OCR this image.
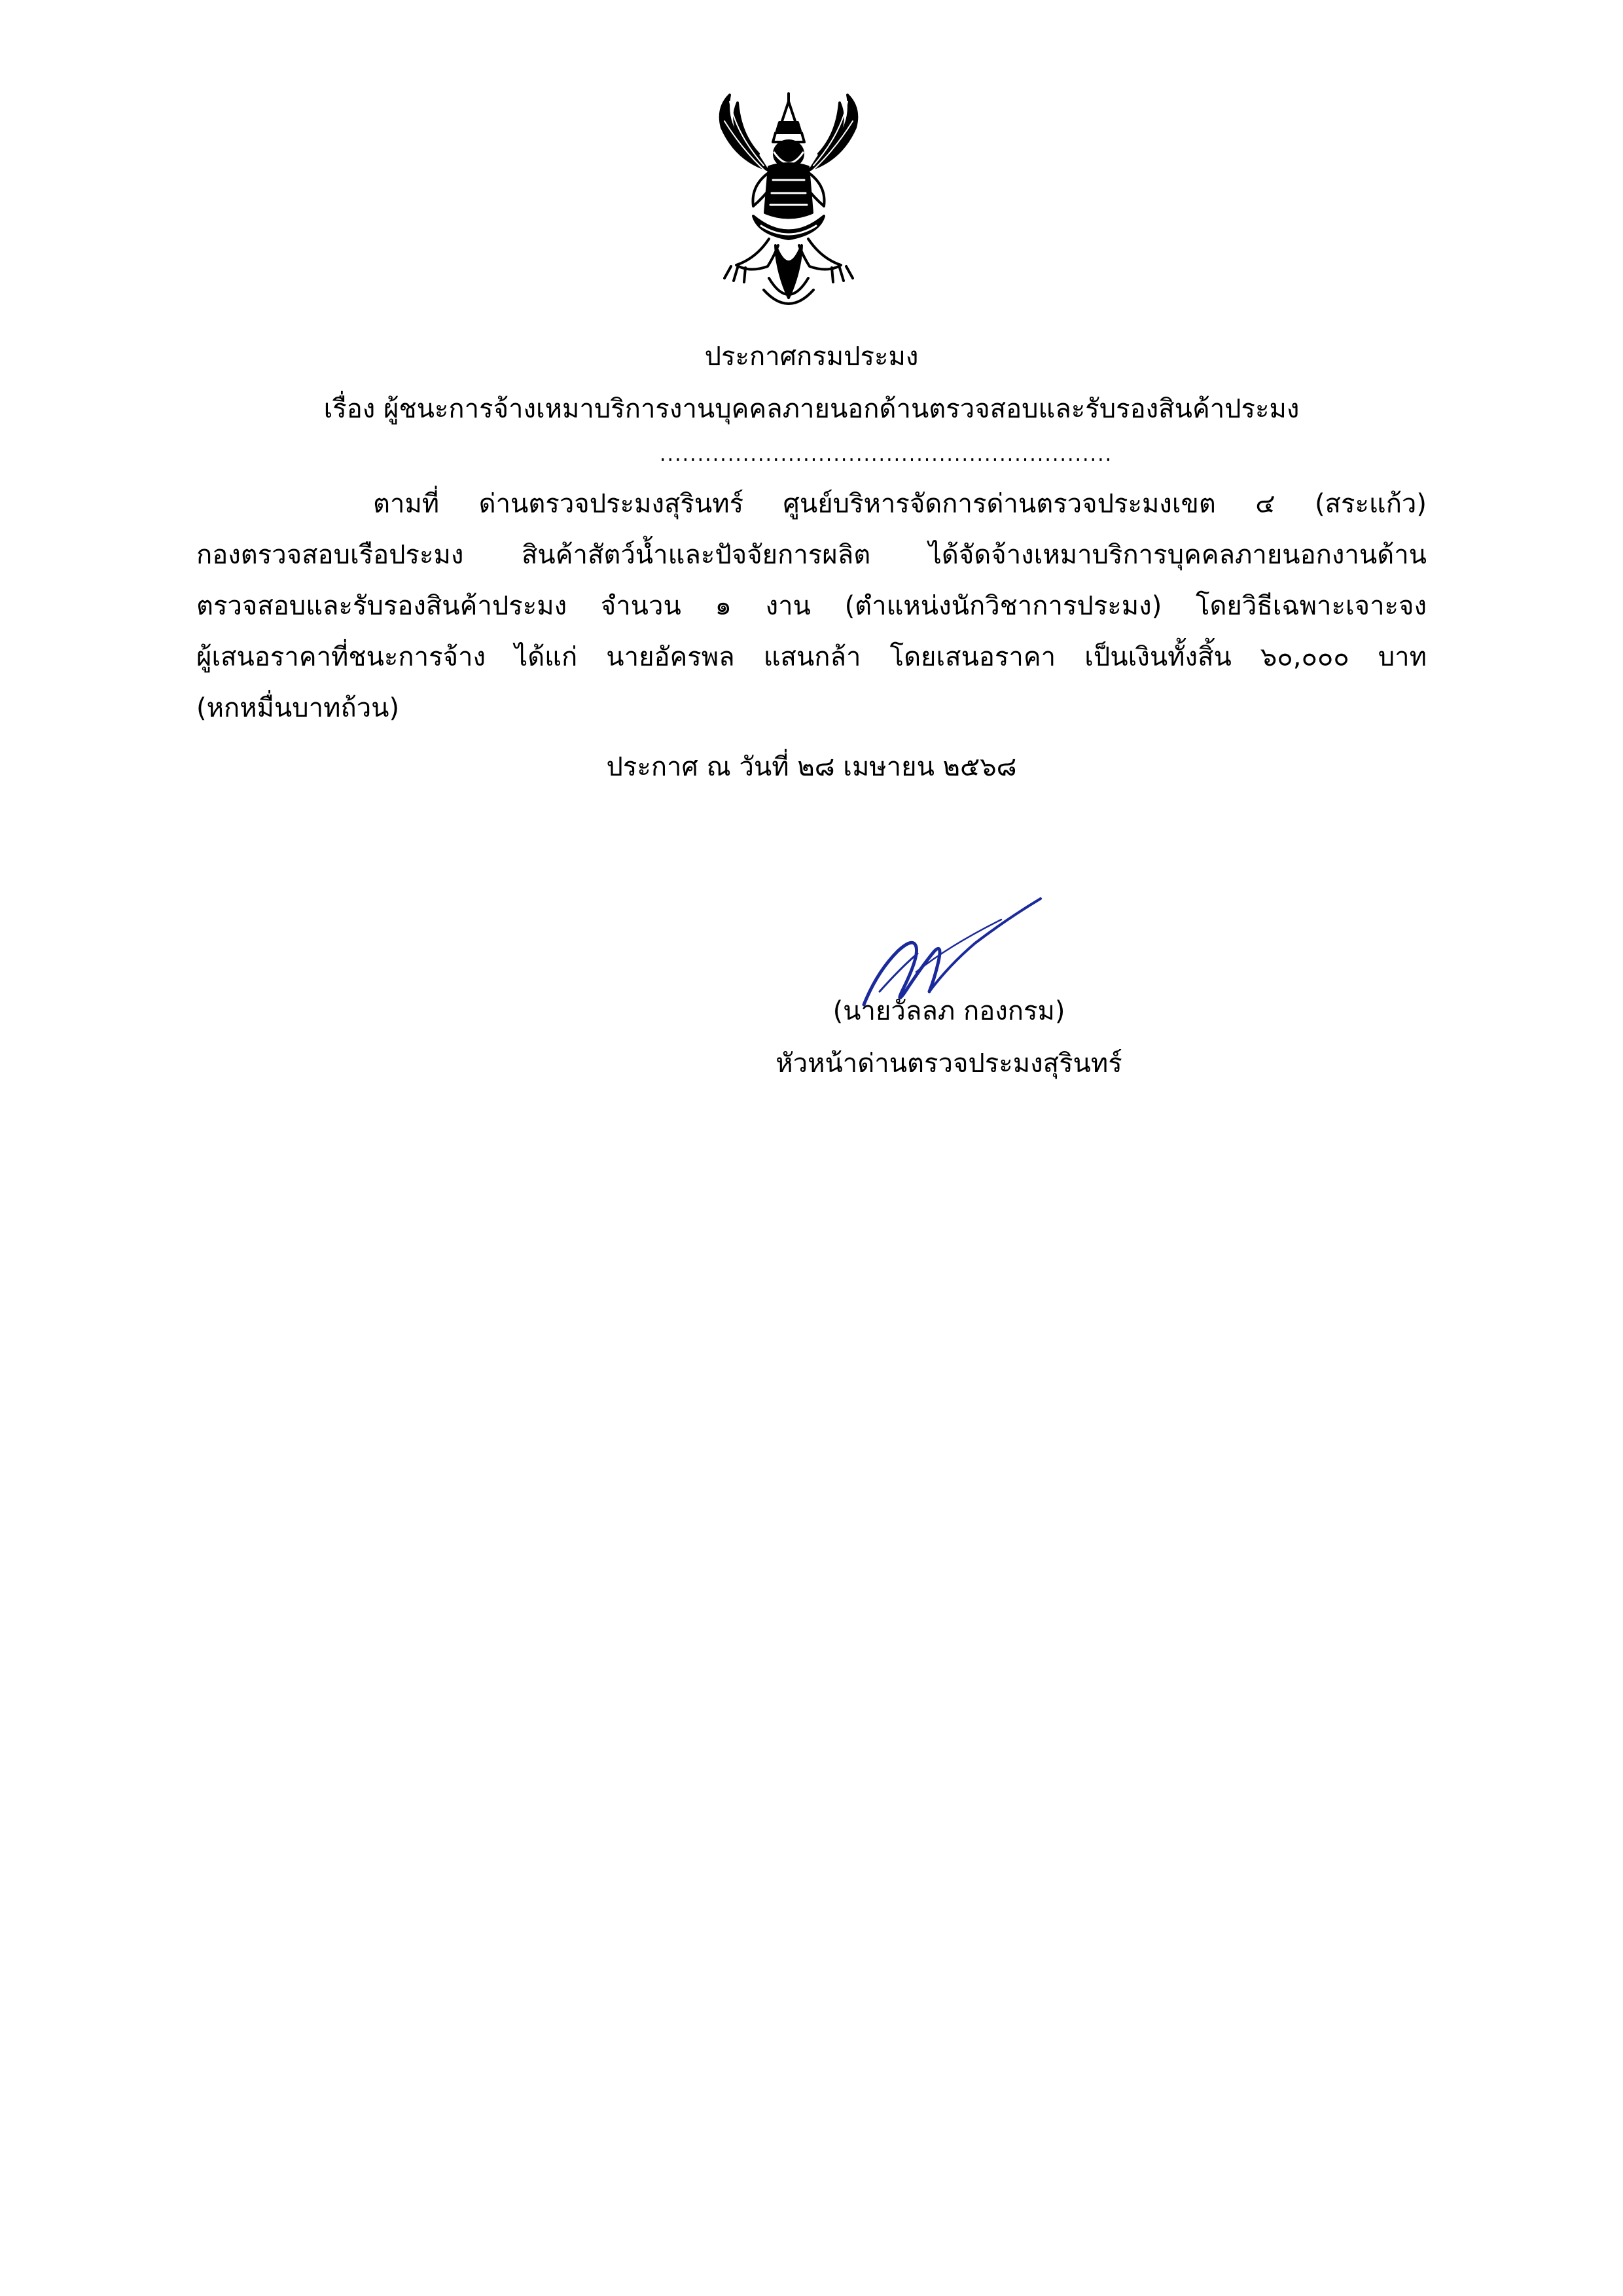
ประกาศกรมประมง
เรื่อง ผู้ชนะการจ้างเหมาบริการงานบุคคลภายนอกด้านตรวจสอบและรับรองสินค้าประมง
............................................................
ตามที่ ด่านตรวจประมงสุรินทร์ ศูนย์บริหารจัดการด่านตรวจประมงเขต ๔ (สระแก้ว)
กองตรวจสอบเรือประมง สินค้าสัตว์น้ำและปัจจัยการผลิต ได้จัดจ้างเหมาบริการบุคคลภายนอกงานด้าน
ตรวจสอบและรับรองสินค้าประมง จำนวน ๑ งาน (ตำแหน่งนักวิชาการประมง) โดยวิธีเฉพาะเจาะจง
ผู้เสนอราคาที่ชนะการจ้าง ได้แก่ นายอัครพล แสนกล้า โดยเสนอราคา เป็นเงินทั้งสิ้น ๖๐,๐๐๐ บาท
(หกหมื่นบาทถ้วน)
ประกาศ ณ วันที่ ๒๘ เมษายน ๒๕๖๘
(นายวัลลภ กองกรม)
หัวหน้าด่านตรวจประมงสุรินทร์
